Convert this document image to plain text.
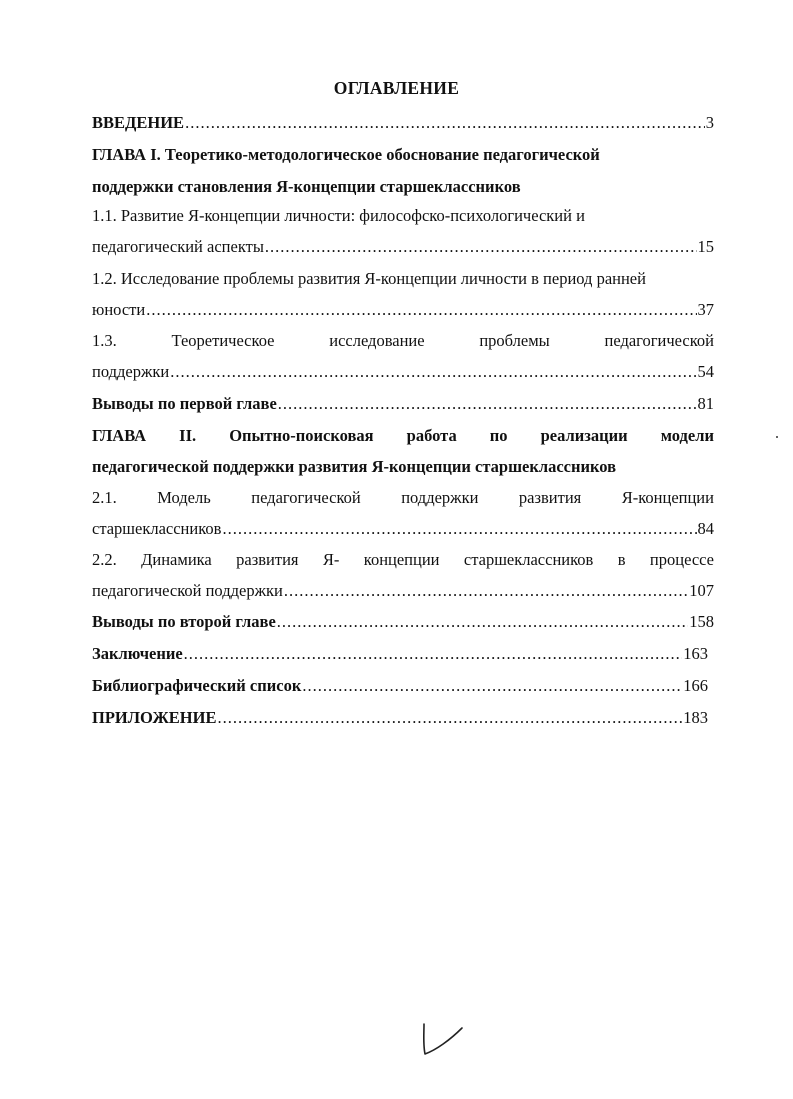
ОГЛАВЛЕНИЕ
ВВЕДЕНИЕ .....	3
ГЛАВА I. Теоретико-методологическое обоснование педагогической
поддержки становления Я-концепции старшеклассников
1.1. Развитие Я-концепции личности: философско-психологический и
педагогический аспекты .....	15
1.2. Исследование проблемы развития Я-концепции личности в период ранней
юности .....	37
1.3.	Теоретическое	исследование	проблемы	педагогической
поддержки .....	54
Выводы по первой главе .....	81
ГЛАВА II. Опытно-поисковая работа по реализации модели
педагогической поддержки развития Я-концепции старшеклассников
2.1. Модель педагогической поддержки развития Я-концепции
старшеклассников .....	84
2.2. Динамика развития Я- концепции старшеклассников в процессе
педагогической поддержки .....	107
Выводы по второй главе .....	158
Заключение .....	163
Библиографический список .....	166
ПРИЛОЖЕНИЕ .....	183
